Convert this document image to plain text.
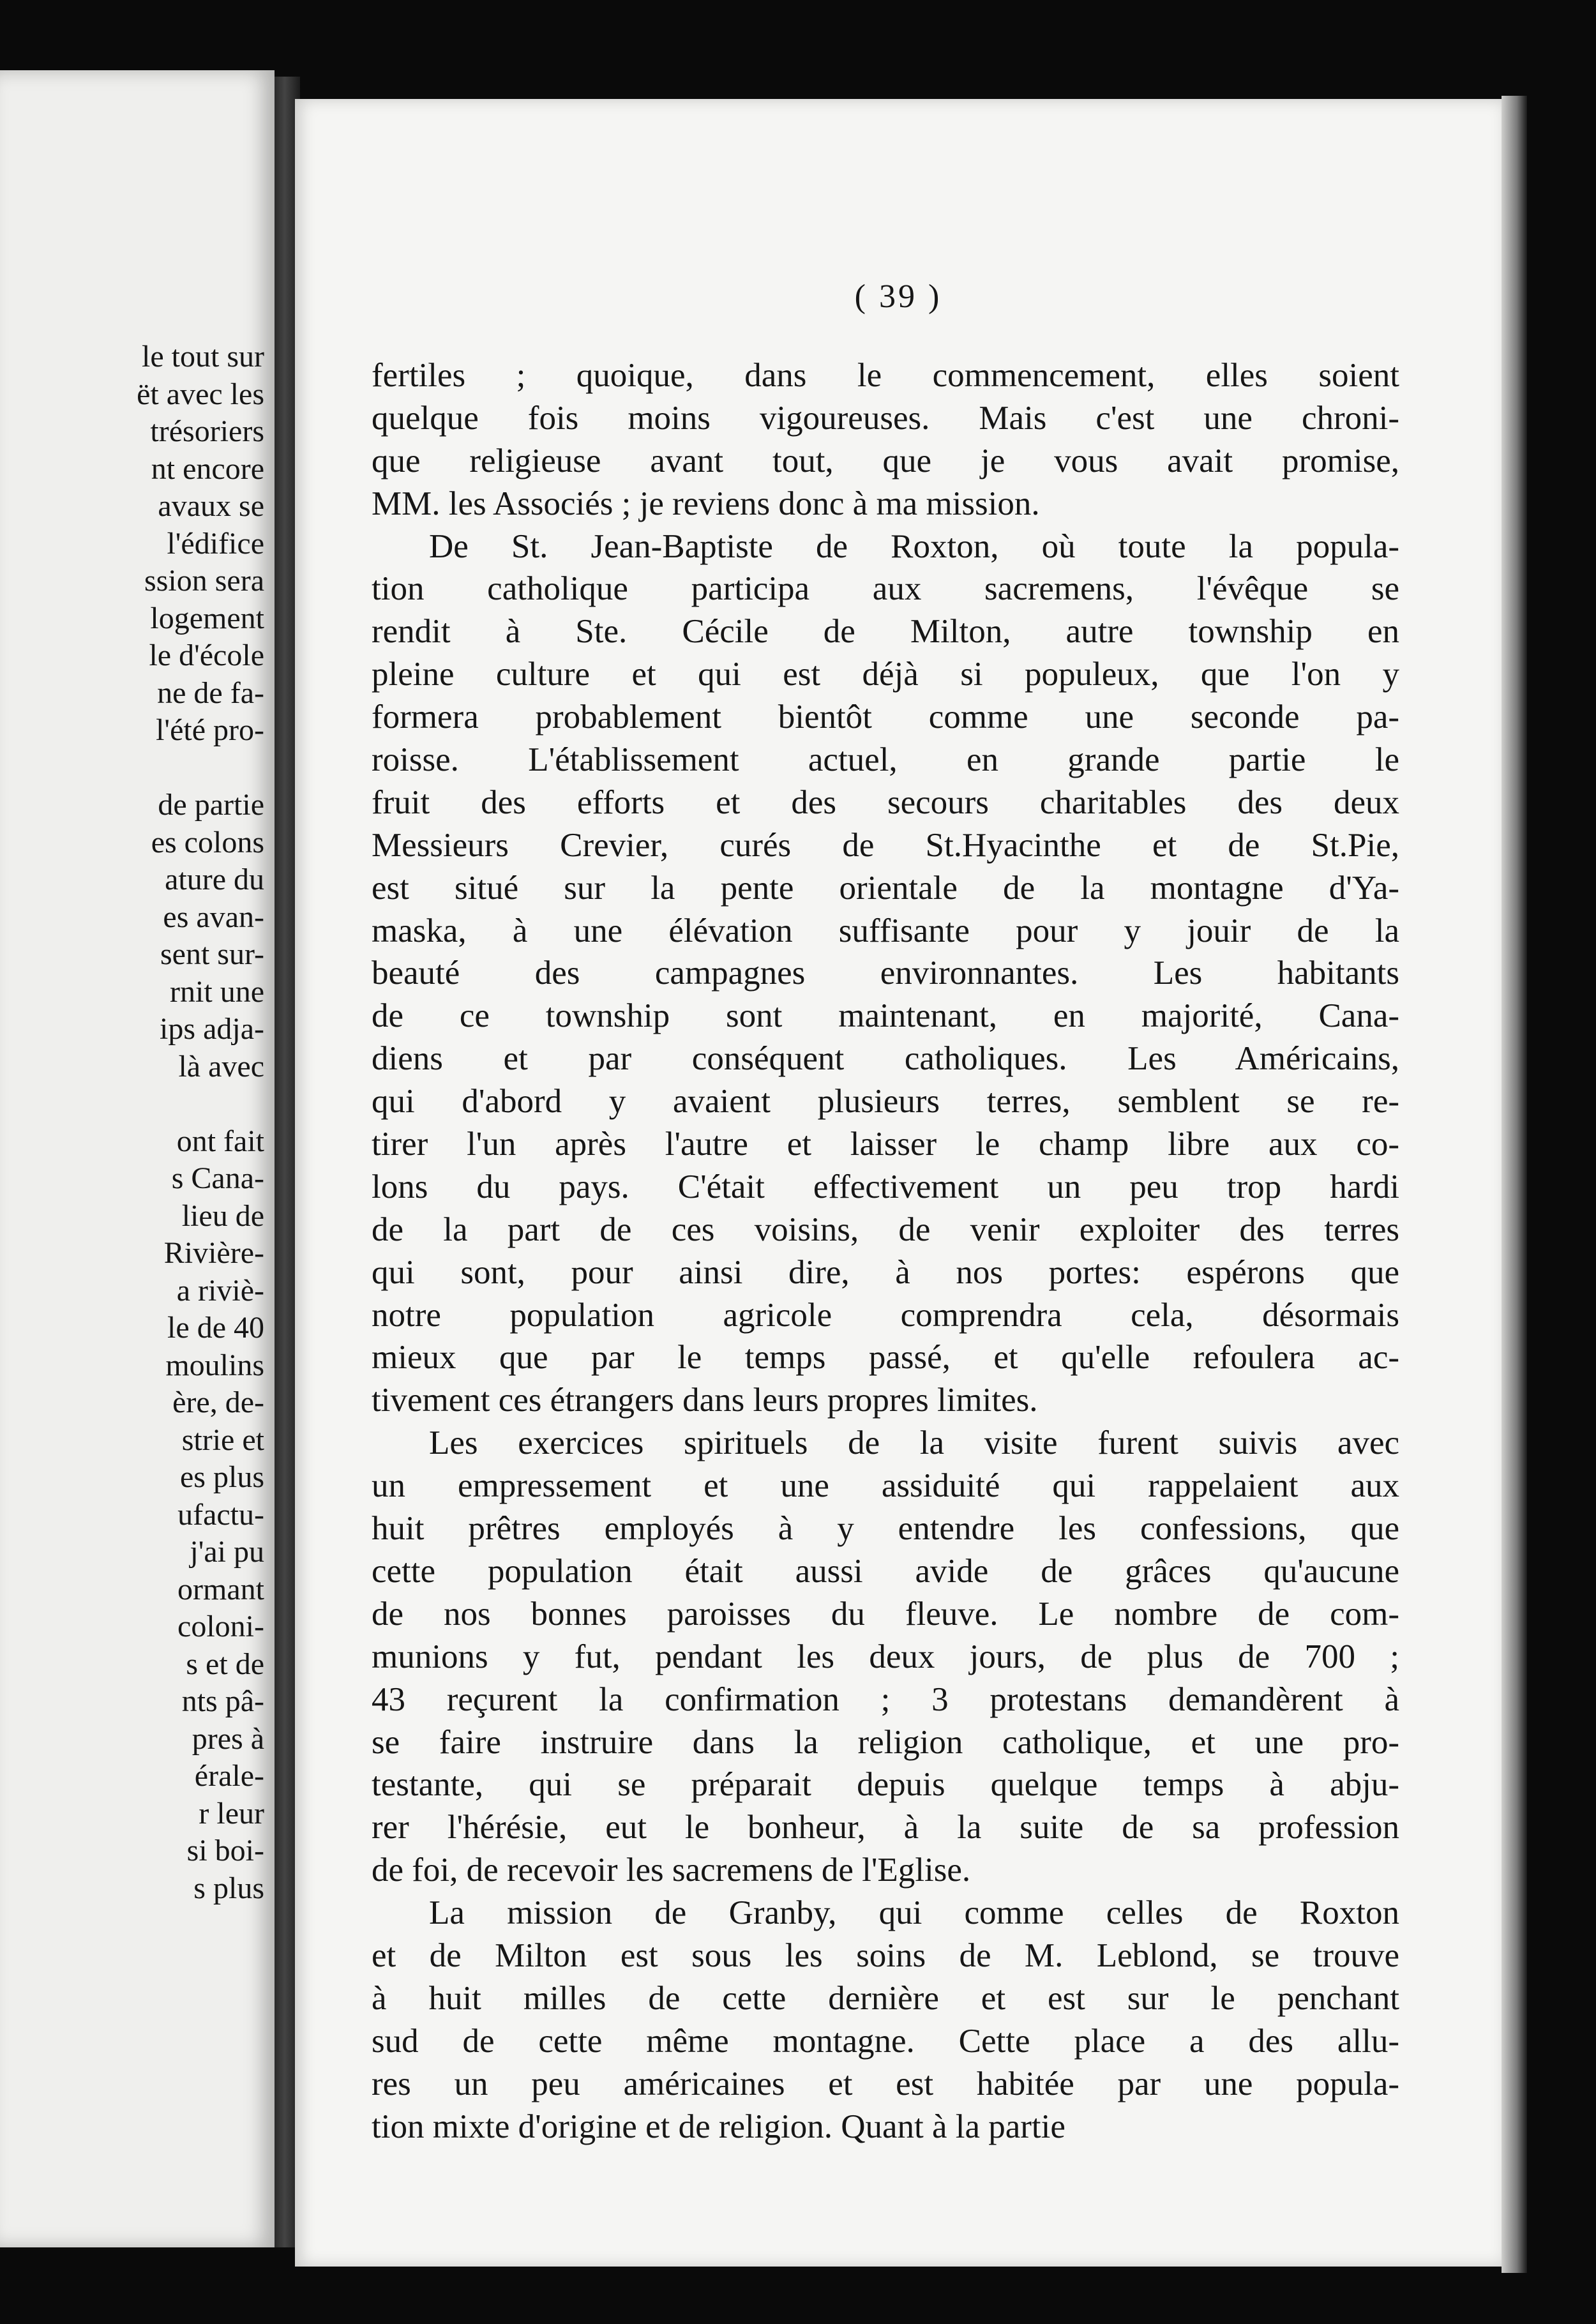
le tout sur
ët avec les
trésoriers
nt encore
avaux se
l'édifice
ssion sera
logement
le d'école
ne de fa-
l'été pro-
de partie
es colons
ature du
es avan-
sent sur-
rnit une
ips adja-
là avec
ont fait
s Cana-
lieu de
Rivière-
a riviè-
le de 40
moulins
ère, de-
strie et
es plus
ufactu-
j'ai pu
ormant
coloni-
s et de
nts pâ-
pres à
érale-
r leur
si boi-
s plus
( 39 )
fertiles ; quoique, dans le commencement, elles soient
quelque fois moins vigoureuses. Mais c'est une chroni-
que religieuse avant tout, que je vous avait promise,
MM. les Associés ; je reviens donc à ma mission.
De St. Jean-Baptiste de Roxton, où toute la popula-
tion catholique participa aux sacremens, l'évêque se
rendit à Ste. Cécile de Milton, autre township en
pleine culture et qui est déjà si populeux, que l'on y
formera probablement bientôt comme une seconde pa-
roisse. L'établissement actuel, en grande partie le
fruit des efforts et des secours charitables des deux
Messieurs Crevier, curés de St.Hyacinthe et de St.Pie,
est situé sur la pente orientale de la montagne d'Ya-
maska, à une élévation suffisante pour y jouir de la
beauté des campagnes environnantes. Les habitants
de ce township sont maintenant, en majorité, Cana-
diens et par conséquent catholiques. Les Américains,
qui d'abord y avaient plusieurs terres, semblent se re-
tirer l'un après l'autre et laisser le champ libre aux co-
lons du pays. C'était effectivement un peu trop hardi
de la part de ces voisins, de venir exploiter des terres
qui sont, pour ainsi dire, à nos portes: espérons que
notre population agricole comprendra cela, désormais
mieux que par le temps passé, et qu'elle refoulera ac-
tivement ces étrangers dans leurs propres limites.
Les exercices spirituels de la visite furent suivis avec
un empressement et une assiduité qui rappelaient aux
huit prêtres employés à y entendre les confessions, que
cette population était aussi avide de grâces qu'aucune
de nos bonnes paroisses du fleuve. Le nombre de com-
munions y fut, pendant les deux jours, de plus de 700 ;
43 reçurent la confirmation ; 3 protestans demandèrent à
se faire instruire dans la religion catholique, et une pro-
testante, qui se préparait depuis quelque temps à abju-
rer l'hérésie, eut le bonheur, à la suite de sa profession
de foi, de recevoir les sacremens de l'Eglise.
La mission de Granby, qui comme celles de Roxton
et de Milton est sous les soins de M. Leblond, se trouve
à huit milles de cette dernière et est sur le penchant
sud de cette même montagne. Cette place a des allu-
res un peu américaines et est habitée par une popula-
tion mixte d'origine et de religion. Quant à la partie
